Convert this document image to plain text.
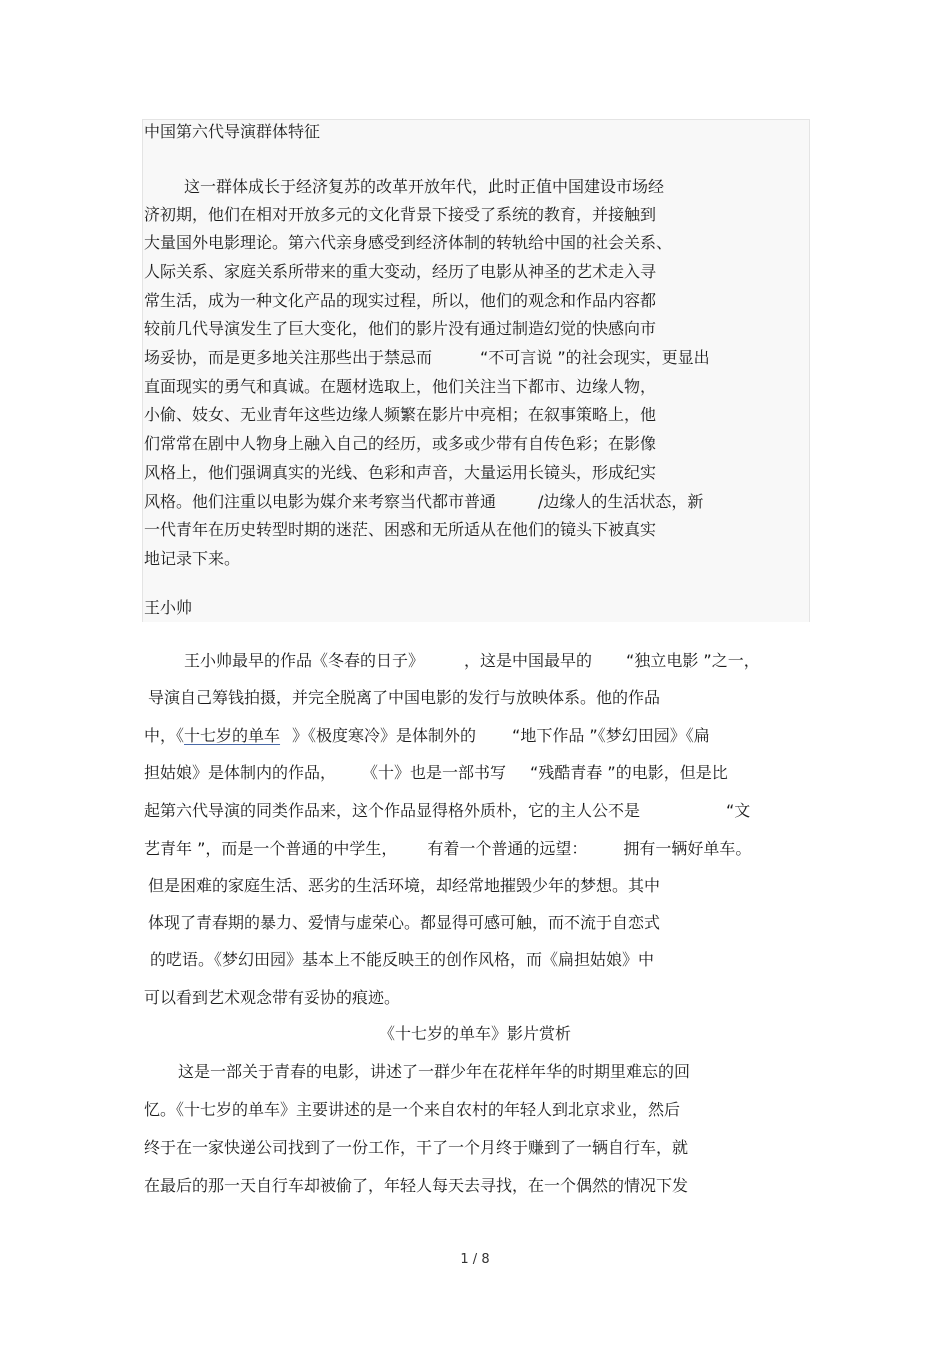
中国第六代导演群体特征
这一群体成长于经济复苏的改革开放年代，此时正值中国建设市场经
济初期，他们在相对开放多元的文化背景下接受了系统的教育，并接触到
大量国外电影理论。第六代亲身感受到经济体制的转轨给中国的社会关系、
人际关系、家庭关系所带来的重大变动，经历了电影从神圣的艺术走入寻
常生活，成为一种文化产品的现实过程，所以，他们的观念和作品内容都
较前几代导演发生了巨大变化，他们的影片没有通过制造幻觉的快感向市
场妥协，而是更多地关注那些出于禁忌而	“不可言说 ”的社会现实，更显出
直面现实的勇气和真诚。在题材选取上，他们关注当下都市、边缘人物，
小偷、妓女、无业青年这些边缘人频繁在影片中亮相；在叙事策略上，他
们常常在剧中人物身上融入自己的经历，或多或少带有自传色彩；在影像
风格上，他们强调真实的光线、色彩和声音，大量运用长镜头，形成纪实
风格。他们注重以电影为媒介来考察当代都市普通	/边缘人的生活状态，新
一代青年在历史转型时期的迷茫、困惑和无所适从在他们的镜头下被真实
地记录下来。
王小帅
王小帅最早的作品《冬春的日子》	，这是中国最早的 “独立电影 ”之一，
导演自己筹钱拍摄，并完全脱离了中国电影的发行与放映体系。他的作品
中，《十七岁的单车 》《极度寒冷》是体制外的 “地下作品 ”《梦幻田园》《扁
担姑娘》是体制内的作品， 《十》也是一部书写 “残酷青春 ”的电影，但是比
起第六代导演的同类作品来，这个作品显得格外质朴，它的主人公不是	“文
艺青年 ”，而是一个普通的中学生， 有着一个普通的远望： 拥有一辆好单车。
但是困难的家庭生活、恶劣的生活环境，却经常地摧毁少年的梦想。其中
体现了青春期的暴力、爱情与虚荣心。都显得可感可触，而不流于自恋式
的呓语。《梦幻田园》基本上不能反映王的创作风格，而《扁担姑娘》中
可以看到艺术观念带有妥协的痕迹。
《十七岁的单车》影片赏析
这是一部关于青春的电影，讲述了一群少年在花样年华的时期里难忘的回
忆。《十七岁的单车》主要讲述的是一个来自农村的年轻人到北京求业，然后
终于在一家快递公司找到了一份工作，干了一个月终于赚到了一辆自行车，就
在最后的那一天自行车却被偷了，年轻人每天去寻找，在一个偶然的情况下发
1 / 8
